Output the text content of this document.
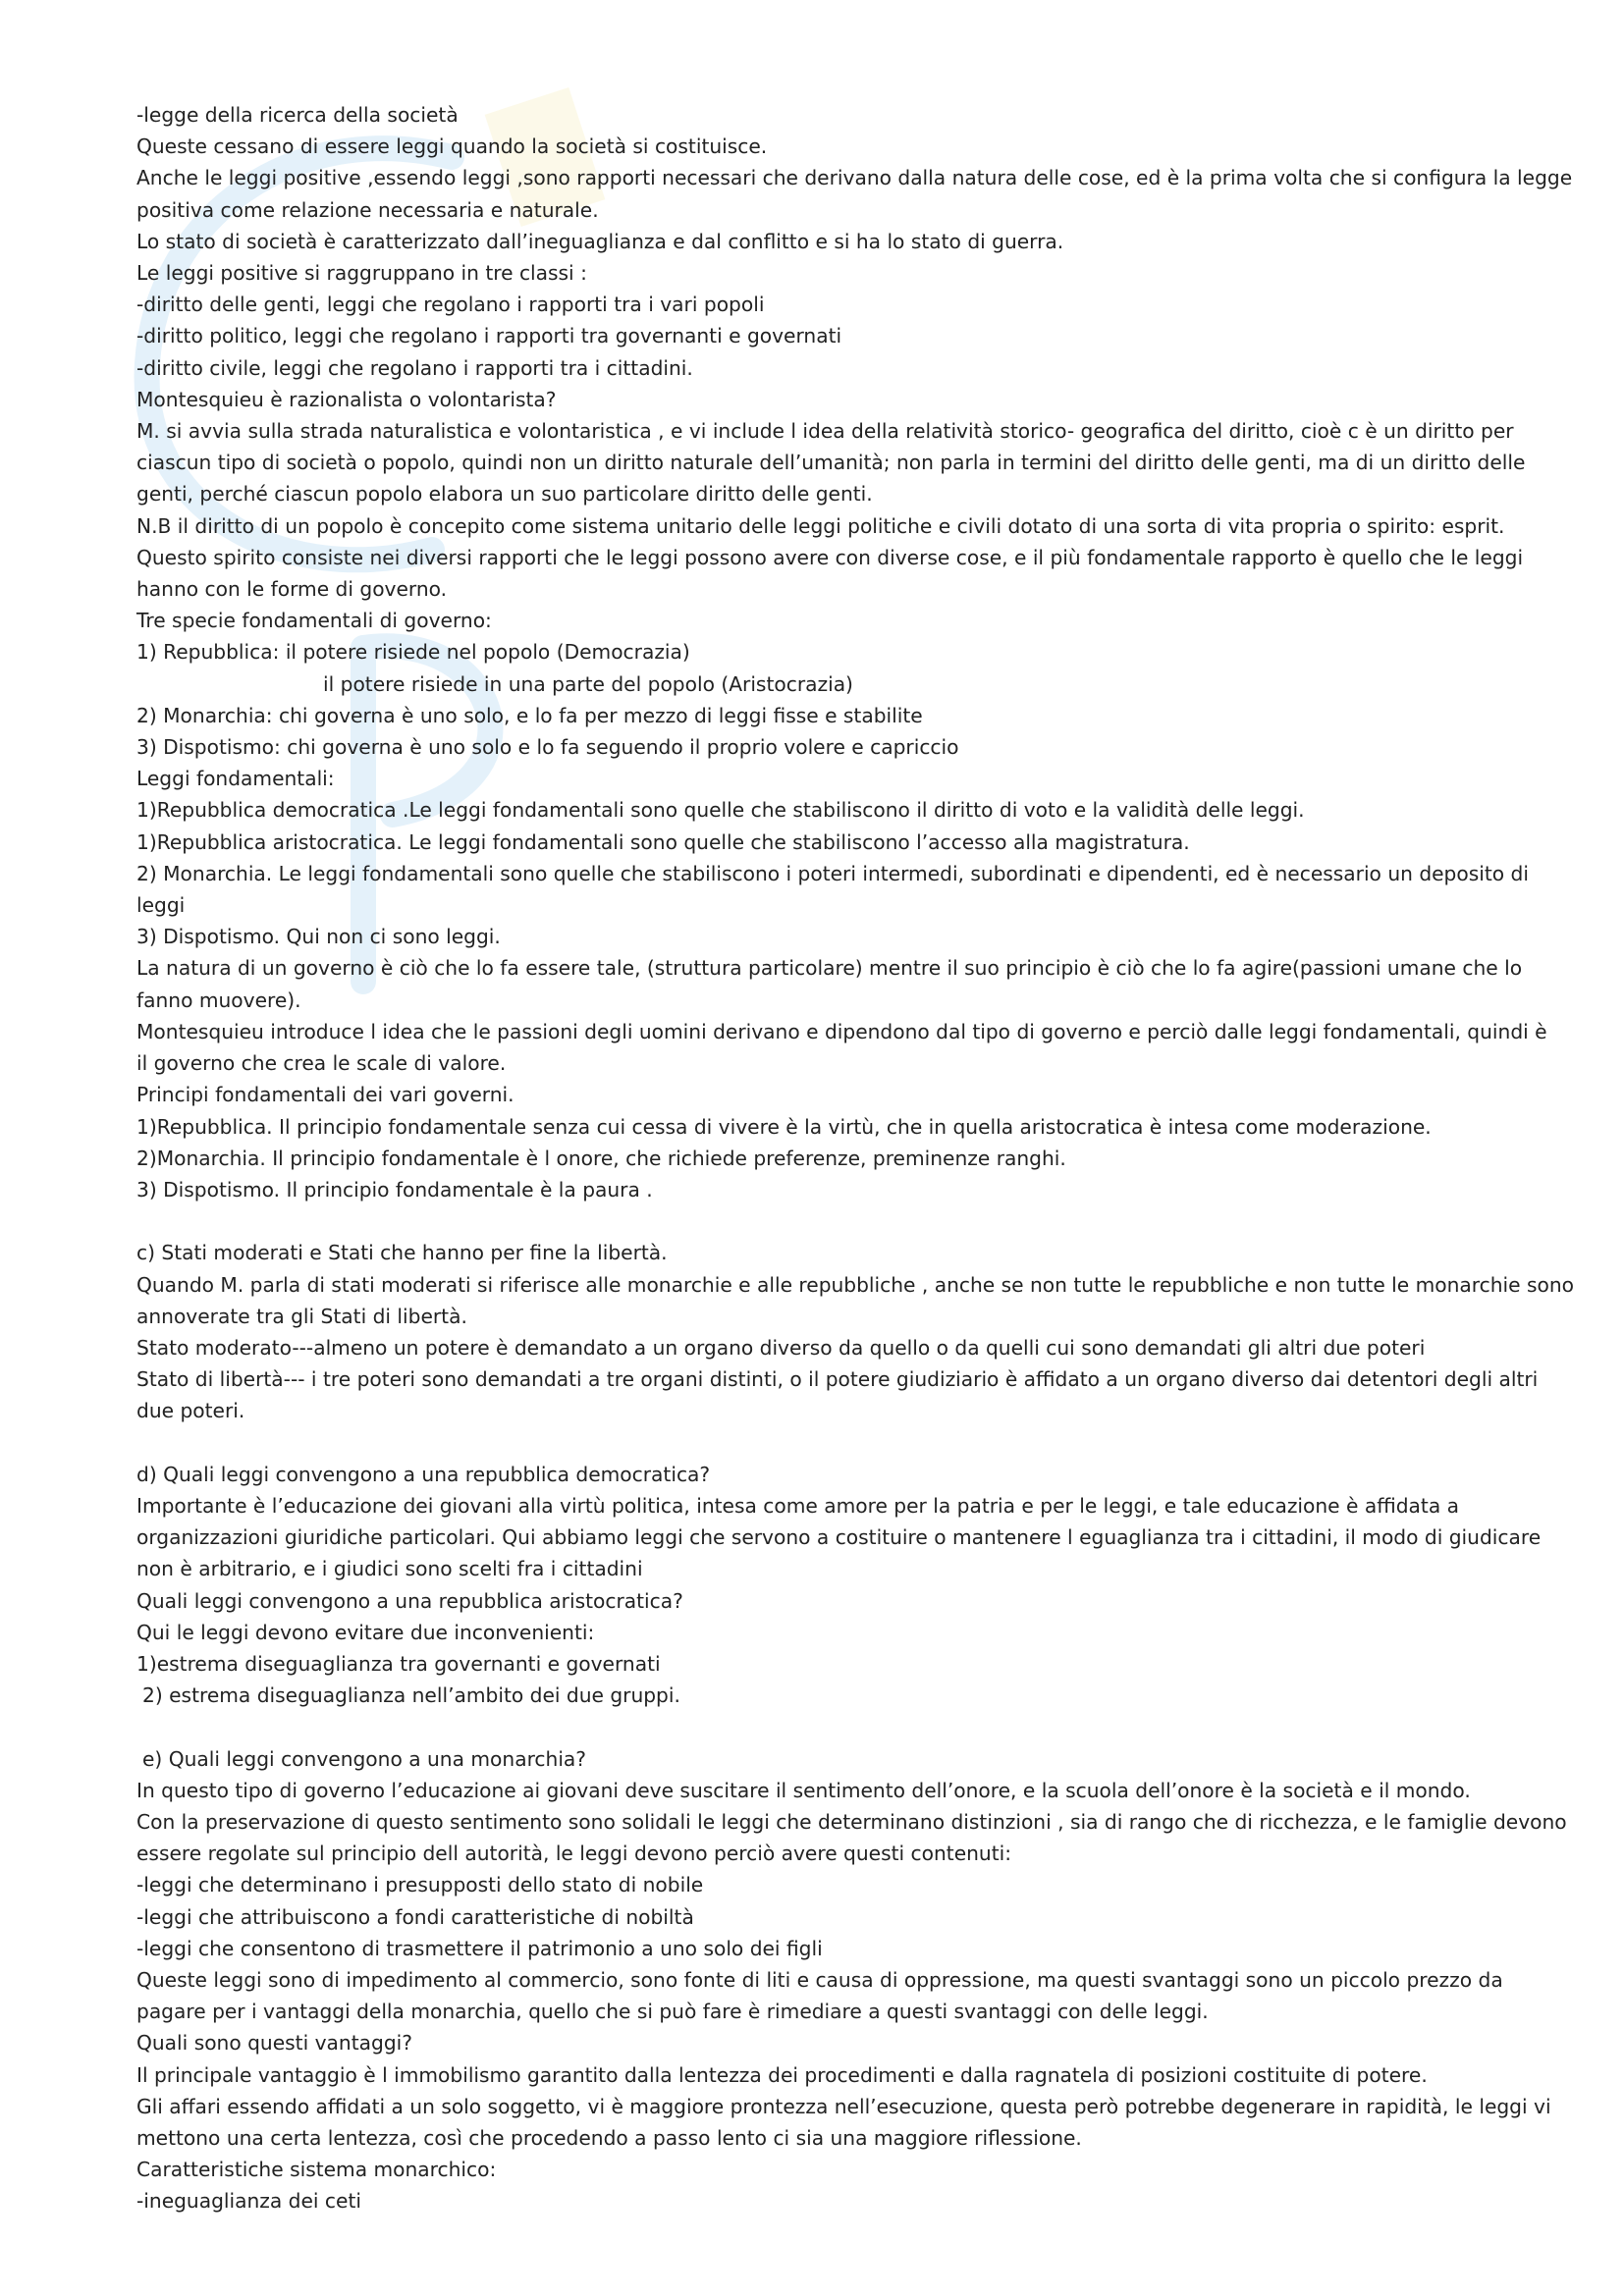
-legge della ricerca della società
Queste cessano di essere leggi quando la società si costituisce.
Anche le leggi positive ,essendo leggi ,sono rapporti necessari che derivano dalla natura delle cose, ed è la prima volta che si configura la legge
positiva come relazione necessaria e naturale.
Lo stato di società è caratterizzato dall’ineguaglianza e dal conflitto e si ha lo stato di guerra.
Le leggi positive si raggruppano in tre classi :
-diritto delle genti, leggi che regolano i rapporti tra i vari popoli
-diritto politico, leggi che regolano i rapporti tra governanti e governati
-diritto civile, leggi che regolano i rapporti tra i cittadini.
Montesquieu è razionalista o volontarista?
M. si avvia sulla strada naturalistica e volontaristica , e vi include l idea della relatività storico- geografica del diritto, cioè c è un diritto per
ciascun tipo di società o popolo, quindi non un diritto naturale dell’umanità; non parla in termini del diritto delle genti, ma di un diritto delle
genti, perché ciascun popolo elabora un suo particolare diritto delle genti.
N.B il diritto di un popolo è concepito come sistema unitario delle leggi politiche e civili dotato di una sorta di vita propria o spirito: esprit.
Questo spirito consiste nei diversi rapporti che le leggi possono avere con diverse cose, e il più fondamentale rapporto è quello che le leggi
hanno con le forme di governo.
Tre specie fondamentali di governo:
1) Repubblica: il potere risiede nel popolo (Democrazia)
il potere risiede in una parte del popolo (Aristocrazia)
2) Monarchia: chi governa è uno solo, e lo fa per mezzo di leggi fisse e stabilite
3) Dispotismo: chi governa è uno solo e lo fa seguendo il proprio volere e capriccio
Leggi fondamentali:
1)Repubblica democratica .Le leggi fondamentali sono quelle che stabiliscono il diritto di voto e la validità delle leggi.
1)Repubblica aristocratica. Le leggi fondamentali sono quelle che stabiliscono l’accesso alla magistratura.
2) Monarchia. Le leggi fondamentali sono quelle che stabiliscono i poteri intermedi, subordinati e dipendenti, ed è necessario un deposito di
leggi
3) Dispotismo. Qui non ci sono leggi.
La natura di un governo è ciò che lo fa essere tale, (struttura particolare) mentre il suo principio è ciò che lo fa agire(passioni umane che lo
fanno muovere).
Montesquieu introduce l idea che le passioni degli uomini derivano e dipendono dal tipo di governo e perciò dalle leggi fondamentali, quindi è
il governo che crea le scale di valore.
Principi fondamentali dei vari governi.
1)Repubblica. Il principio fondamentale senza cui cessa di vivere è la virtù, che in quella aristocratica è intesa come moderazione.
2)Monarchia. Il principio fondamentale è l onore, che richiede preferenze, preminenze ranghi.
3) Dispotismo. Il principio fondamentale è la paura .
c) Stati moderati e Stati che hanno per fine la libertà.
Quando M. parla di stati moderati si riferisce alle monarchie e alle repubbliche , anche se non tutte le repubbliche e non tutte le monarchie sono
annoverate tra gli Stati di libertà.
Stato moderato---almeno un potere è demandato a un organo diverso da quello o da quelli cui sono demandati gli altri due poteri
Stato di libertà--- i tre poteri sono demandati a tre organi distinti, o il potere giudiziario è affidato a un organo diverso dai detentori degli altri
due poteri.
d) Quali leggi convengono a una repubblica democratica?
Importante è l’educazione dei giovani alla virtù politica, intesa come amore per la patria e per le leggi, e tale educazione è affidata a
organizzazioni giuridiche particolari. Qui abbiamo leggi che servono a costituire o mantenere l eguaglianza tra i cittadini, il modo di giudicare
non è arbitrario, e i giudici sono scelti fra i cittadini
Quali leggi convengono a una repubblica aristocratica?
Qui le leggi devono evitare due inconvenienti:
1)estrema diseguaglianza tra governanti e governati
2) estrema diseguaglianza nell’ambito dei due gruppi.
e) Quali leggi convengono a una monarchia?
In questo tipo di governo l’educazione ai giovani deve suscitare il sentimento dell’onore, e la scuola dell’onore è la società e il mondo.
Con la preservazione di questo sentimento sono solidali le leggi che determinano distinzioni , sia di rango che di ricchezza, e le famiglie devono
essere regolate sul principio dell autorità, le leggi devono perciò avere questi contenuti:
-leggi che determinano i presupposti dello stato di nobile
-leggi che attribuiscono a fondi caratteristiche di nobiltà
-leggi che consentono di trasmettere il patrimonio a uno solo dei figli
Queste leggi sono di impedimento al commercio, sono fonte di liti e causa di oppressione, ma questi svantaggi sono un piccolo prezzo da
pagare per i vantaggi della monarchia, quello che si può fare è rimediare a questi svantaggi con delle leggi.
Quali sono questi vantaggi?
Il principale vantaggio è l immobilismo garantito dalla lentezza dei procedimenti e dalla ragnatela di posizioni costituite di potere.
Gli affari essendo affidati a un solo soggetto, vi è maggiore prontezza nell’esecuzione, questa però potrebbe degenerare in rapidità, le leggi vi
mettono una certa lentezza, così che procedendo a passo lento ci sia una maggiore riflessione.
Caratteristiche sistema monarchico:
-ineguaglianza dei ceti
